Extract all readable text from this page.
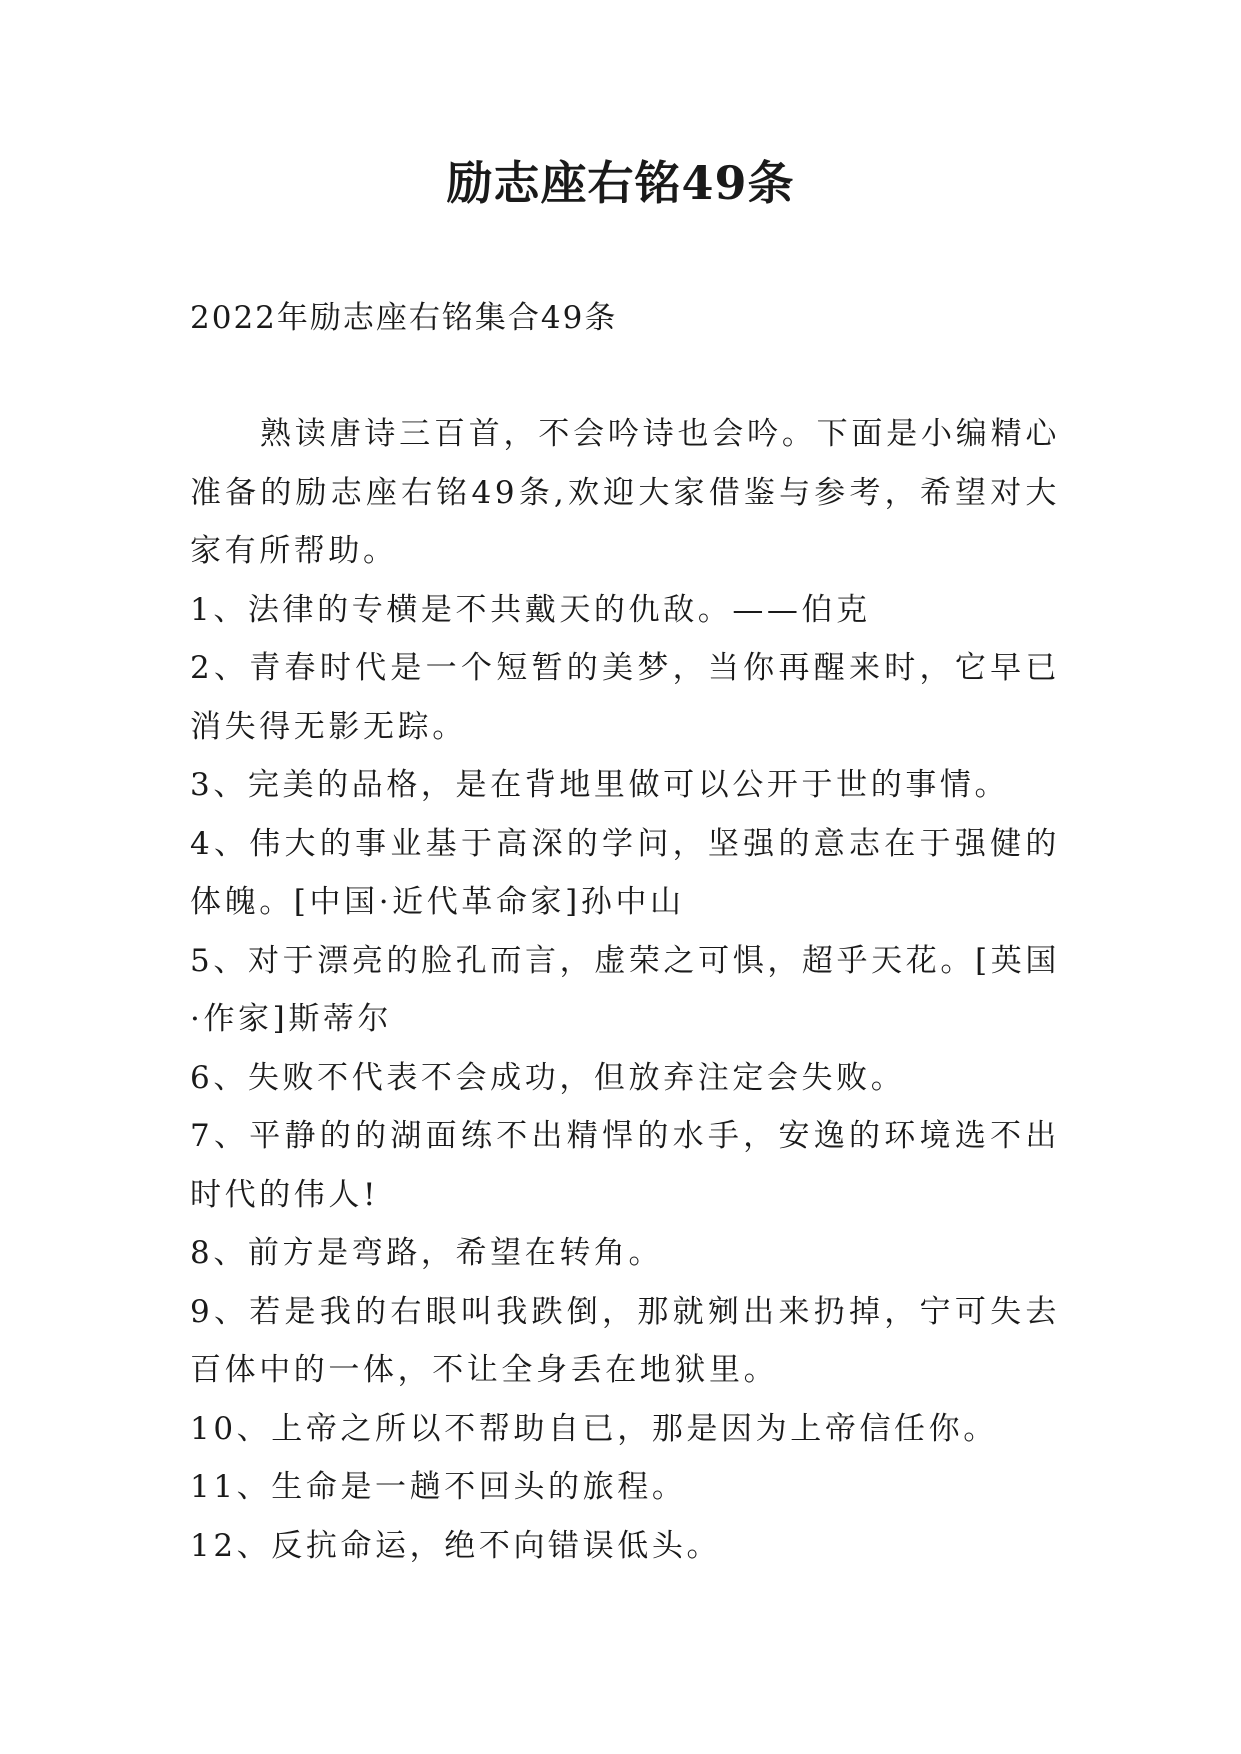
励志座右铭49条
2022年励志座右铭集合49条

熟读唐诗三百首，不会吟诗也会吟。下面是小编精心准备的励志座右铭49条,欢迎大家借鉴与参考，希望对大家有所帮助。

1、法律的专横是不共戴天的仇敌。——伯克

2、青春时代是一个短暂的美梦，当你再醒来时，它早已消失得无影无踪。

3、完美的品格，是在背地里做可以公开于世的事情。

4、伟大的事业基于高深的学问，坚强的意志在于强健的体魄。[中国·近代革命家]孙中山

5、对于漂亮的脸孔而言，虚荣之可惧，超乎天花。[英国·作家]斯蒂尔

6、失败不代表不会成功，但放弃注定会失败。

7、平静的的湖面练不出精悍的水手，安逸的环境选不出时代的伟人!

8、前方是弯路，希望在转角。

9、若是我的右眼叫我跌倒，那就剜出来扔掉，宁可失去百体中的一体，不让全身丢在地狱里。

10、上帝之所以不帮助自已，那是因为上帝信任你。

11、生命是一趟不回头的旅程。

12、反抗命运，绝不向错误低头。
